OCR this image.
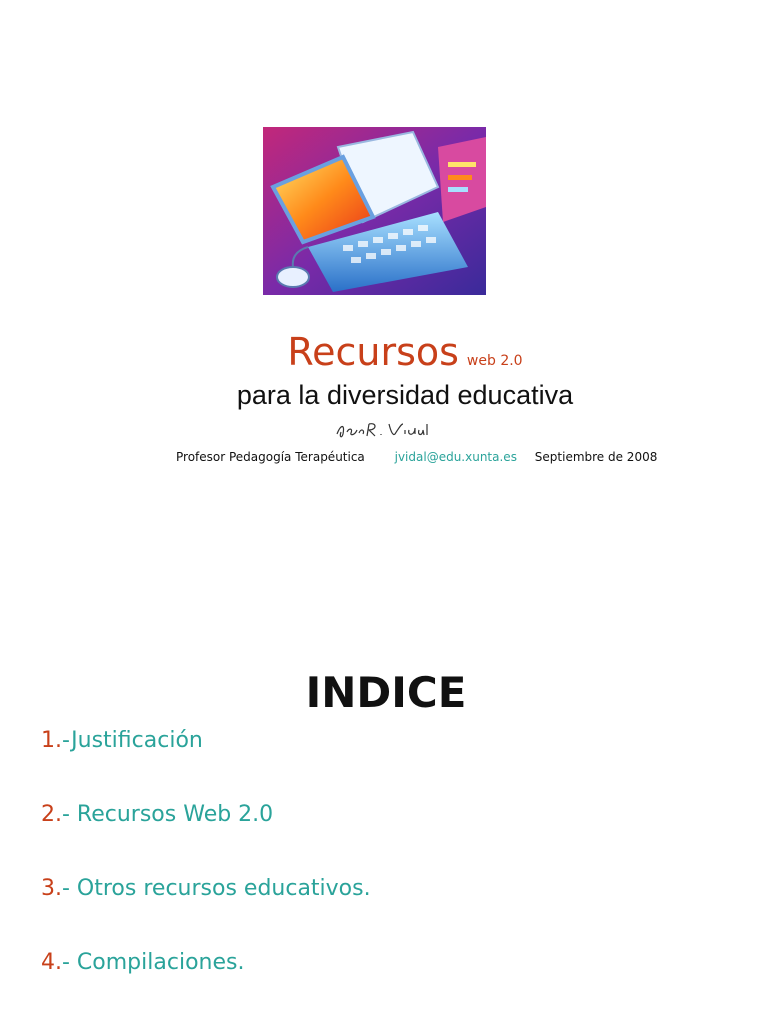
Recursos web 2.0
para la diversidad educativa
Profesor Pedagogía Terapéutica jvidal@edu.xunta.es Septiembre de 2008
INDICE
1.-Justificación
2.- Recursos Web 2.0
3.- Otros recursos educativos.
4.- Compilaciones.
